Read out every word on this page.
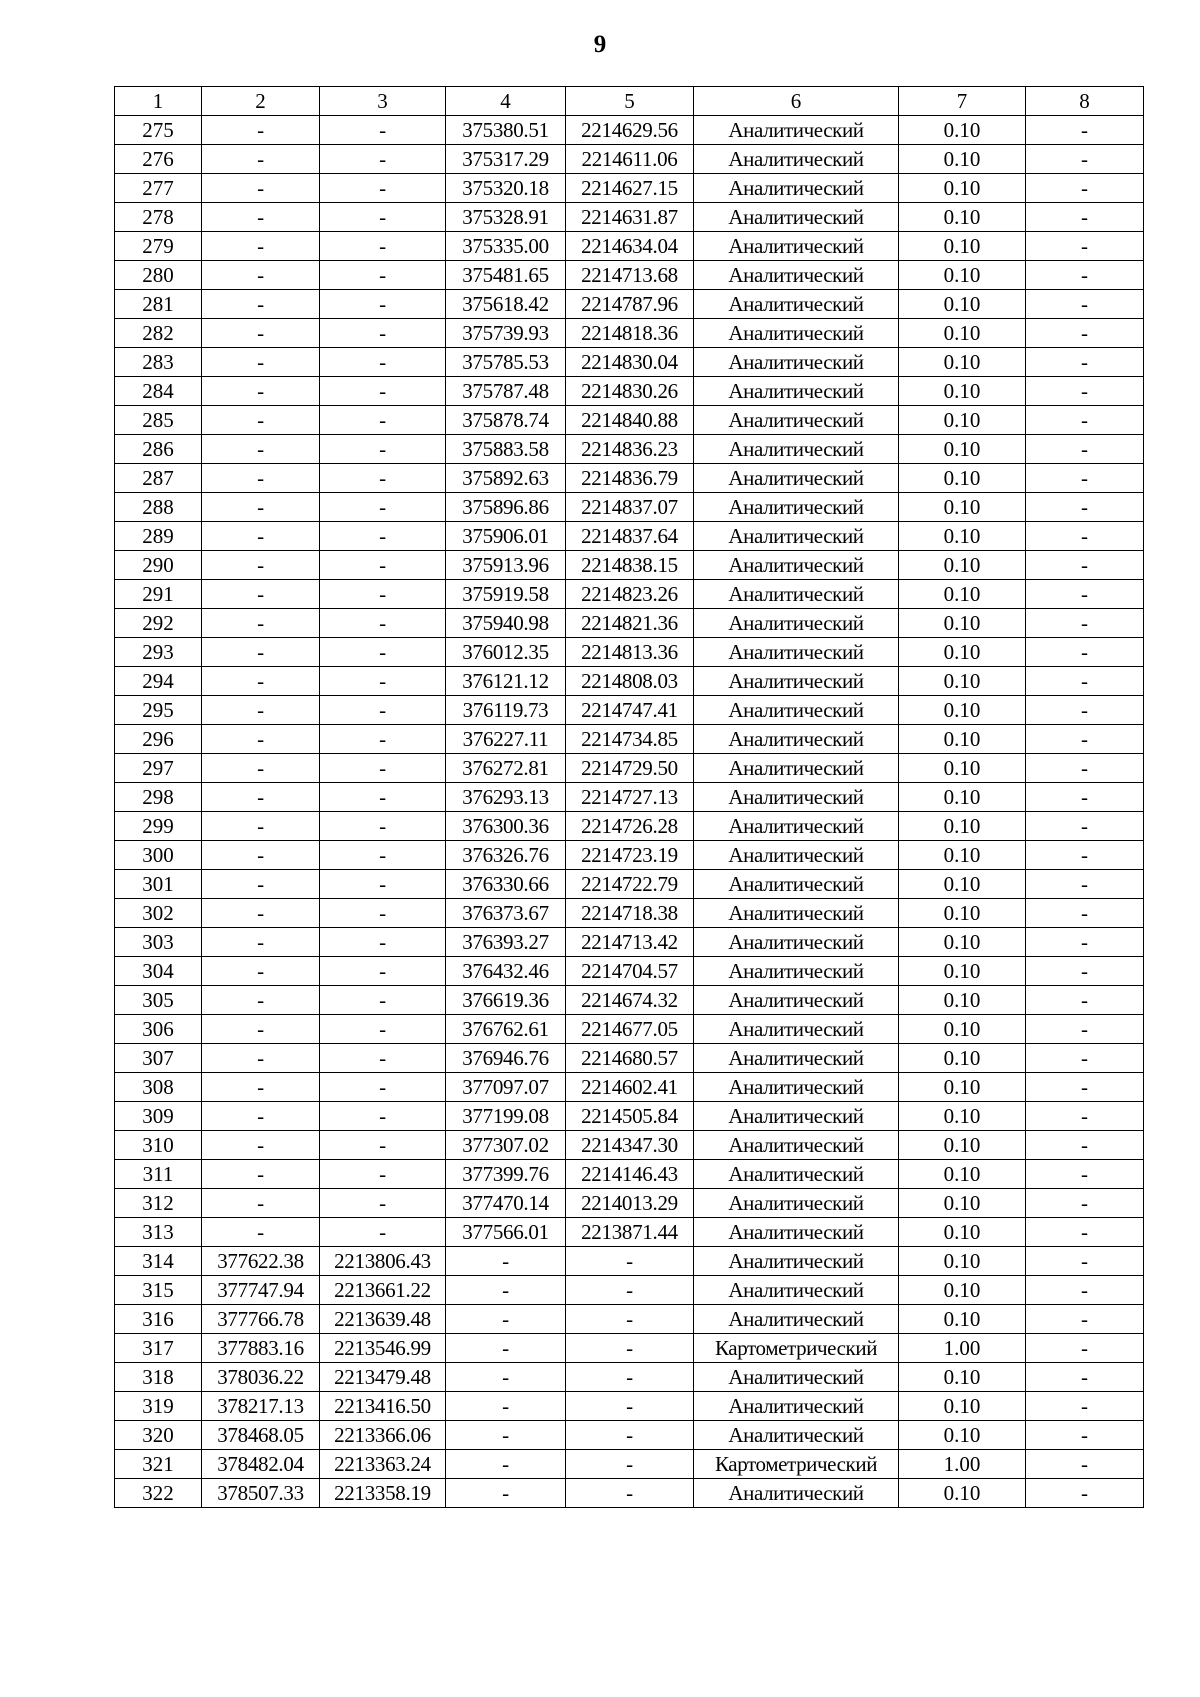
9
1	2	3	4	5	6	7	8
275	-	-	375380.51	2214629.56	Аналитический	0.10	-
276	-	-	375317.29	2214611.06	Аналитический	0.10	-
277	-	-	375320.18	2214627.15	Аналитический	0.10	-
278	-	-	375328.91	2214631.87	Аналитический	0.10	-
279	-	-	375335.00	2214634.04	Аналитический	0.10	-
280	-	-	375481.65	2214713.68	Аналитический	0.10	-
281	-	-	375618.42	2214787.96	Аналитический	0.10	-
282	-	-	375739.93	2214818.36	Аналитический	0.10	-
283	-	-	375785.53	2214830.04	Аналитический	0.10	-
284	-	-	375787.48	2214830.26	Аналитический	0.10	-
285	-	-	375878.74	2214840.88	Аналитический	0.10	-
286	-	-	375883.58	2214836.23	Аналитический	0.10	-
287	-	-	375892.63	2214836.79	Аналитический	0.10	-
288	-	-	375896.86	2214837.07	Аналитический	0.10	-
289	-	-	375906.01	2214837.64	Аналитический	0.10	-
290	-	-	375913.96	2214838.15	Аналитический	0.10	-
291	-	-	375919.58	2214823.26	Аналитический	0.10	-
292	-	-	375940.98	2214821.36	Аналитический	0.10	-
293	-	-	376012.35	2214813.36	Аналитический	0.10	-
294	-	-	376121.12	2214808.03	Аналитический	0.10	-
295	-	-	376119.73	2214747.41	Аналитический	0.10	-
296	-	-	376227.11	2214734.85	Аналитический	0.10	-
297	-	-	376272.81	2214729.50	Аналитический	0.10	-
298	-	-	376293.13	2214727.13	Аналитический	0.10	-
299	-	-	376300.36	2214726.28	Аналитический	0.10	-
300	-	-	376326.76	2214723.19	Аналитический	0.10	-
301	-	-	376330.66	2214722.79	Аналитический	0.10	-
302	-	-	376373.67	2214718.38	Аналитический	0.10	-
303	-	-	376393.27	2214713.42	Аналитический	0.10	-
304	-	-	376432.46	2214704.57	Аналитический	0.10	-
305	-	-	376619.36	2214674.32	Аналитический	0.10	-
306	-	-	376762.61	2214677.05	Аналитический	0.10	-
307	-	-	376946.76	2214680.57	Аналитический	0.10	-
308	-	-	377097.07	2214602.41	Аналитический	0.10	-
309	-	-	377199.08	2214505.84	Аналитический	0.10	-
310	-	-	377307.02	2214347.30	Аналитический	0.10	-
311	-	-	377399.76	2214146.43	Аналитический	0.10	-
312	-	-	377470.14	2214013.29	Аналитический	0.10	-
313	-	-	377566.01	2213871.44	Аналитический	0.10	-
314	377622.38	2213806.43	-	-	Аналитический	0.10	-
315	377747.94	2213661.22	-	-	Аналитический	0.10	-
316	377766.78	2213639.48	-	-	Аналитический	0.10	-
317	377883.16	2213546.99	-	-	Картометрический	1.00	-
318	378036.22	2213479.48	-	-	Аналитический	0.10	-
319	378217.13	2213416.50	-	-	Аналитический	0.10	-
320	378468.05	2213366.06	-	-	Аналитический	0.10	-
321	378482.04	2213363.24	-	-	Картометрический	1.00	-
322	378507.33	2213358.19	-	-	Аналитический	0.10	-
